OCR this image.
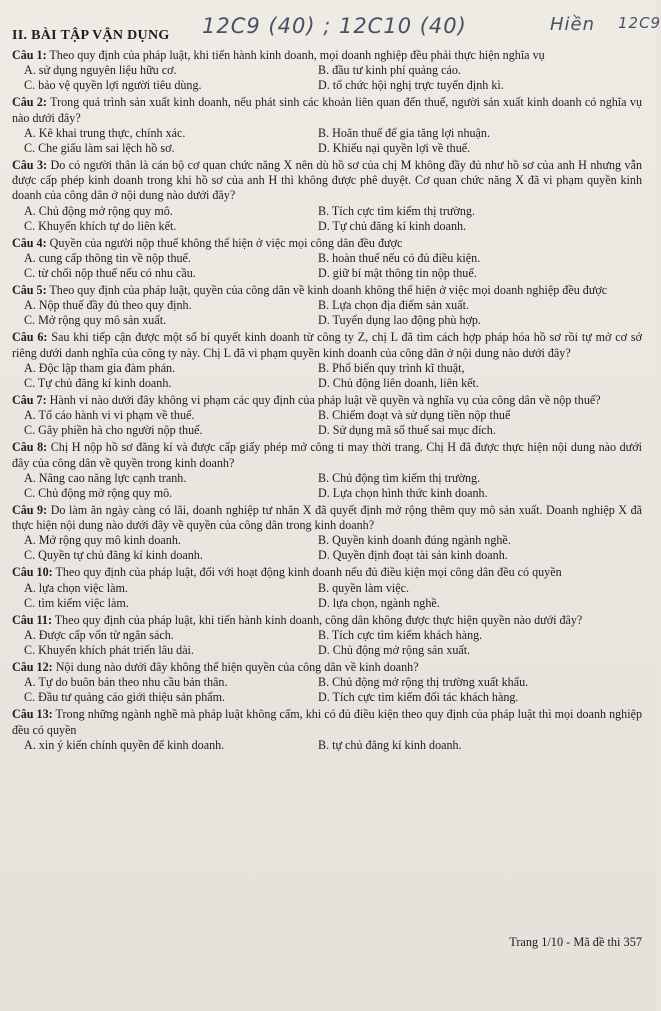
12C9 (40) ; 12C10 (40)	Hiền 12C9
II. BÀI TẬP VẬN DỤNG

Câu 1: Theo quy định của pháp luật, khi tiến hành kinh doanh, mọi doanh nghiệp đều phải thực hiện nghĩa vụ

A. sử dụng nguyên liệu hữu cơ.	B. đầu tư kinh phí quảng cáo.
C. bảo vệ quyền lợi người tiêu dùng.	D. tổ chức hội nghị trực tuyến định kì.

Câu 2: Trong quá trình sản xuất kinh doanh, nếu phát sinh các khoản liên quan đến thuế, người sản xuất kinh doanh có nghĩa vụ nào dưới đây?

A. Kê khai trung thực, chính xác.	B. Hoãn thuế để gia tăng lợi nhuận.
C. Che giấu làm sai lệch hồ sơ.	D. Khiếu nại quyền lợi về thuế.

Câu 3: Do có người thân là cán bộ cơ quan chức năng X nên dù hồ sơ của chị M không đầy đủ như hồ sơ của anh H nhưng vẫn được cấp phép kinh doanh trong khi hồ sơ của anh H thì không được phê duyệt. Cơ quan chức năng X đã vi phạm quyền kinh doanh của công dân ở nội dung nào dưới đây?

A. Chủ động mở rộng quy mô.	B. Tích cực tìm kiếm thị trường.
C. Khuyến khích tự do liên kết.	D. Tự chủ đăng kí kinh doanh.

Câu 4: Quyền của người nộp thuế không thể hiện ở việc mọi công dân đều được

A. cung cấp thông tin về nộp thuế.	B. hoàn thuế nếu có đủ điều kiện.
C. từ chối nộp thuế nếu có nhu cầu.	D. giữ bí mật thông tin nộp thuế.

Câu 5: Theo quy định của pháp luật, quyền của công dân về kinh doanh không thể hiện ở việc mọi doanh nghiệp đều được

A. Nộp thuế đầy đủ theo quy định.	B. Lựa chọn địa điểm sản xuất.
C. Mở rộng quy mô sản xuất.	D. Tuyển dụng lao động phù hợp.

Câu 6: Sau khi tiếp cận được một số bí quyết kinh doanh từ công ty Z, chị L đã tìm cách hợp pháp hóa hồ sơ rồi tự mở cơ sở riêng dưới danh nghĩa của công ty này. Chị L đã vi phạm quyền kinh doanh của công dân ở nội dung nào dưới đây?

A. Độc lập tham gia đàm phán.	B. Phổ biến quy trình kĩ thuật,
C. Tự chủ đăng kí kinh doanh.	D. Chủ động liên doanh, liên kết.

Câu 7: Hành vi nào dưới đây không vi phạm các quy định của pháp luật về quyền và nghĩa vụ của công dân về nộp thuế?

A. Tố cáo hành vi vi phạm về thuế.	B. Chiếm đoạt và sử dụng tiền nộp thuế
C. Gây phiền hà cho người nộp thuế.	D. Sử dụng mã số thuế sai mục đích.

Câu 8: Chị H nộp hồ sơ đăng kí và được cấp giấy phép mở công ti may thời trang. Chị H đã được thực hiện nội dung nào dưới đây của công dân về quyền trong kinh doanh?

A. Nâng cao năng lực cạnh tranh.	B. Chủ động tìm kiếm thị trường.
C. Chủ động mở rộng quy mô.	D. Lựa chọn hình thức kinh doanh.

Câu 9: Do làm ăn ngày càng có lãi, doanh nghiệp tư nhân X đã quyết định mở rộng thêm quy mô sản xuất. Doanh nghiệp X đã thực hiện nội dung nào dưới đây về quyền của công dân trong kinh doanh?

A. Mở rộng quy mô kinh doanh.	B. Quyền kinh doanh đúng ngành nghề.
C. Quyền tự chủ đăng kí kinh doanh.	D. Quyền định đoạt tài sản kinh doanh.

Câu 10: Theo quy định của pháp luật, đối với hoạt động kinh doanh nếu đủ điều kiện mọi công dân đều có quyền

A. lựa chọn việc làm.	B. quyền làm việc.
C. tìm kiếm việc làm.	D. lựa chọn, ngành nghề.

Câu 11: Theo quy định của pháp luật, khi tiến hành kinh doanh, công dân không được thực hiện quyền nào dưới đây?

A. Được cấp vốn từ ngân sách.	B. Tích cực tìm kiếm khách hàng.
C. Khuyến khích phát triển lâu dài.	D. Chủ động mở rộng sản xuất.

Câu 12: Nội dung nào dưới đây không thể hiện quyền của công dân về kinh doanh?

A. Tự do buôn bán theo nhu cầu bản thân.	B. Chủ động mở rộng thị trường xuất khẩu.
C. Đầu tư quảng cáo giới thiệu sản phẩm.	D. Tích cực tìm kiếm đối tác khách hàng.

Câu 13: Trong những ngành nghề mà pháp luật không cấm, khi có đủ điều kiện theo quy định của pháp luật thì mọi doanh nghiệp đều có quyền

A. xin ý kiến chính quyền để kinh doanh.	B. tự chủ đăng kí kinh doanh.
Trang 1/10 - Mã đề thi 357
